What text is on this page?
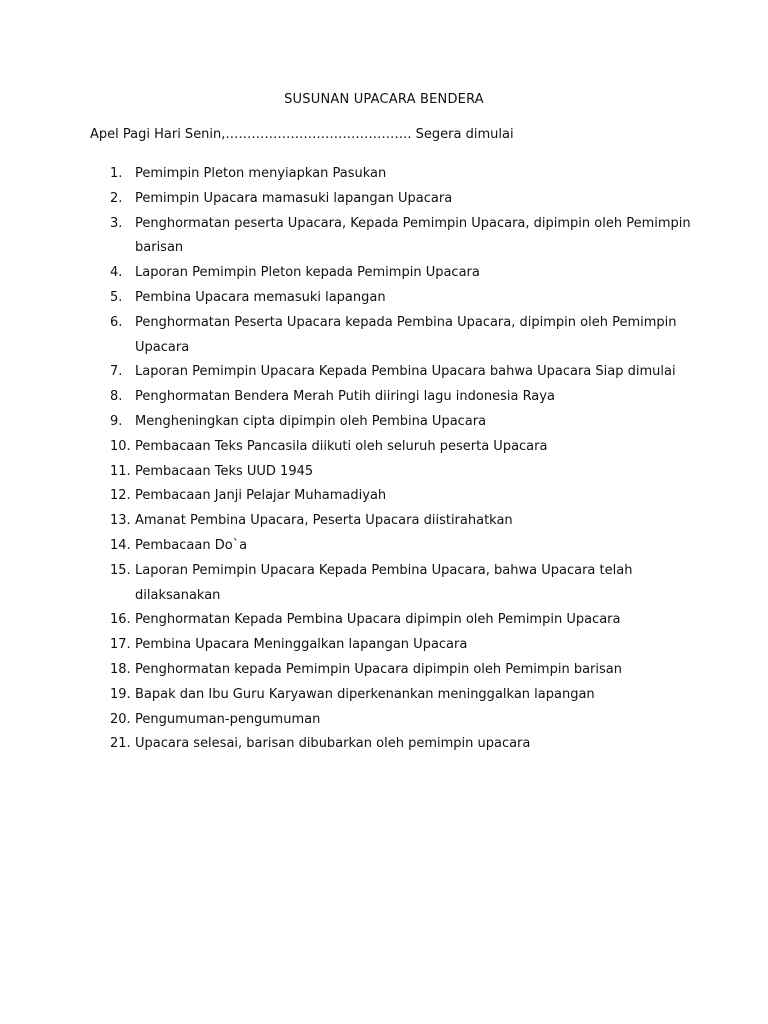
SUSUNAN UPACARA BENDERA
Apel Pagi Hari Senin,……………………………………. Segera dimulai
1. Pemimpin Pleton menyiapkan Pasukan
2. Pemimpin Upacara mamasuki lapangan Upacara
3. Penghormatan peserta Upacara, Kepada Pemimpin Upacara, dipimpin oleh Pemimpin barisan
4. Laporan Pemimpin Pleton kepada Pemimpin Upacara
5. Pembina Upacara memasuki lapangan
6. Penghormatan Peserta Upacara kepada Pembina Upacara, dipimpin oleh Pemimpin Upacara
7. Laporan Pemimpin Upacara Kepada Pembina Upacara bahwa Upacara Siap dimulai
8. Penghormatan Bendera Merah Putih diiringi lagu indonesia Raya
9. Mengheningkan cipta dipimpin oleh Pembina Upacara
10. Pembacaan Teks Pancasila diikuti oleh seluruh peserta Upacara
11. Pembacaan Teks UUD 1945
12. Pembacaan Janji Pelajar Muhamadiyah
13. Amanat Pembina Upacara, Peserta Upacara diistirahatkan
14. Pembacaan Do`a
15. Laporan Pemimpin Upacara Kepada Pembina Upacara, bahwa Upacara telah dilaksanakan
16. Penghormatan Kepada Pembina Upacara dipimpin oleh Pemimpin Upacara
17. Pembina Upacara Meninggalkan lapangan Upacara
18. Penghormatan kepada Pemimpin Upacara dipimpin oleh Pemimpin barisan
19. Bapak dan Ibu Guru Karyawan diperkenankan meninggalkan lapangan
20. Pengumuman-pengumuman
21. Upacara selesai, barisan dibubarkan oleh pemimpin upacara
